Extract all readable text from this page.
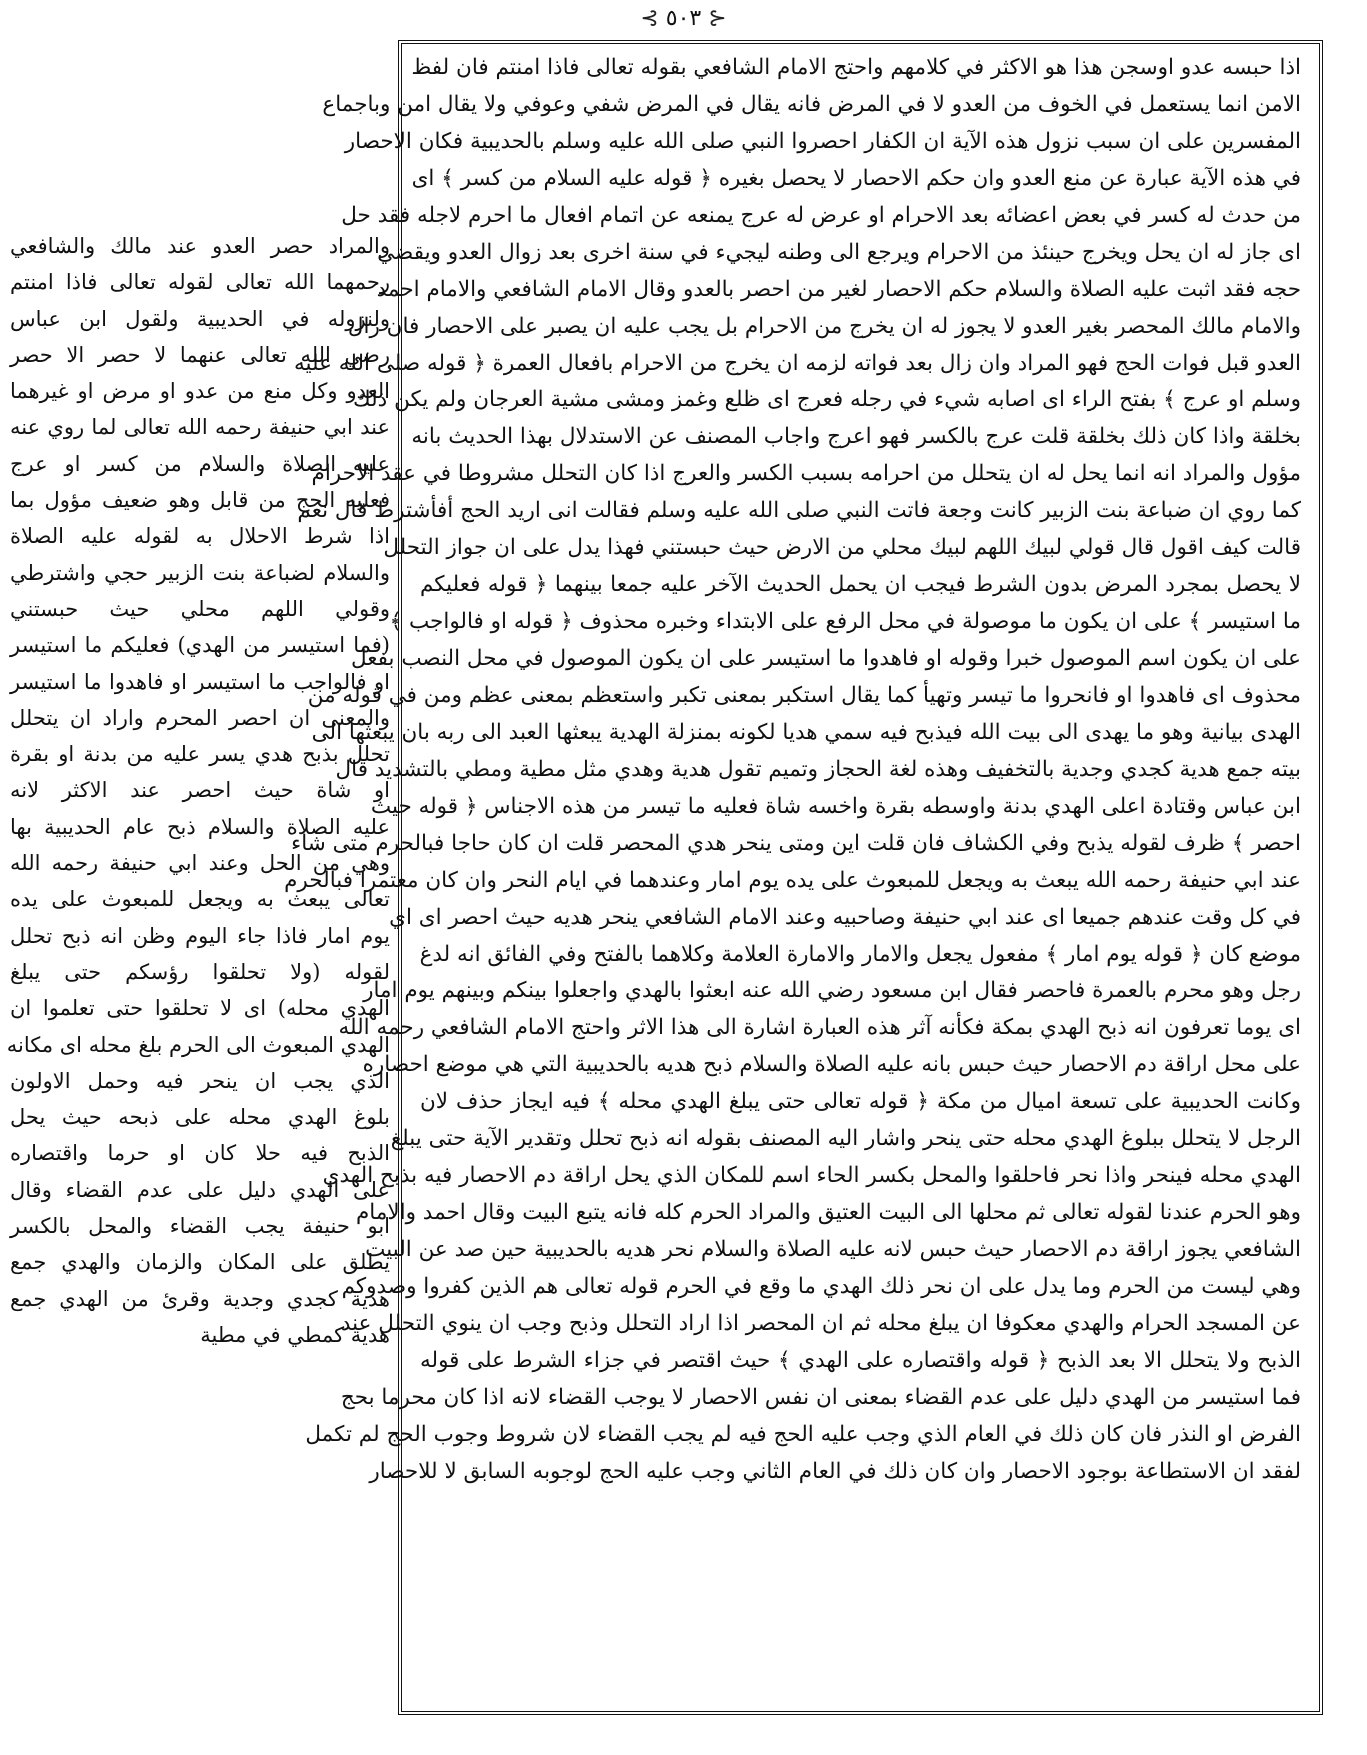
⊰ ٥٠٣ ⊱
اذا حبسه عدو اوسجن هذا هو الاكثر في كلامهم واحتج الامام الشافعي بقوله تعالى فاذا امنتم فان لفظ
الامن انما يستعمل في الخوف من العدو لا في المرض فانه يقال في المرض شفي وعوفي ولا يقال امن وباجماع
المفسرين على ان سبب نزول هذه الآية ان الكفار احصروا النبي صلى الله عليه وسلم بالحديبية فكان الاحصار
في هذه الآية عبارة عن منع العدو وان حكم الاحصار لا يحصل بغيره ﴿ قوله عليه السلام من كسر ﴾ اى
من حدث له كسر في بعض اعضائه بعد الاحرام او عرض له عرج يمنعه عن اتمام افعال ما احرم لاجله فقد حل
اى جاز له ان يحل ويخرج حينئذ من الاحرام ويرجع الى وطنه ليجيء في سنة اخرى بعد زوال العدو ويقضي
حجه فقد اثبت عليه الصلاة والسلام حكم الاحصار لغير من احصر بالعدو وقال الامام الشافعي والامام احمد
والامام مالك المحصر بغير العدو لا يجوز له ان يخرج من الاحرام بل يجب عليه ان يصبر على الاحصار فان زال
العدو قبل فوات الحج فهو المراد وان زال بعد فواته لزمه ان يخرج من الاحرام بافعال العمرة ﴿ قوله صلى الله عليه
وسلم او عرج ﴾ بفتح الراء اى اصابه شيء في رجله فعرج اى ظلع وغمز ومشى مشية العرجان ولم يكن ذلك
بخلقة واذا كان ذلك بخلقة قلت عرج بالكسر فهو اعرج واجاب المصنف عن الاستدلال بهذا الحديث بانه
مؤول والمراد انه انما يحل له ان يتحلل من احرامه بسبب الكسر والعرج اذا كان التحلل مشروطا في عقد الاحرام
كما روي ان ضباعة بنت الزبير كانت وجعة فاتت النبي صلى الله عليه وسلم فقالت انى اريد الحج أفأشترط قال نعم
قالت كيف اقول قال قولي لبيك اللهم لبيك محلي من الارض حيث حبستني فهذا يدل على ان جواز التحلل
لا يحصل بمجرد المرض بدون الشرط فيجب ان يحمل الحديث الآخر عليه جمعا بينهما ﴿ قوله فعليكم
ما استيسر ﴾ على ان يكون ما موصولة في محل الرفع على الابتداء وخبره محذوف ﴿ قوله او فالواجب ﴾
على ان يكون اسم الموصول خبرا وقوله او فاهدوا ما استيسر على ان يكون الموصول في محل النصب بفعل
محذوف اى فاهدوا او فانحروا ما تيسر وتهيأ كما يقال استكبر بمعنى تكبر واستعظم بمعنى عظم ومن في قوله من
الهدى بيانية وهو ما يهدى الى بيت الله فيذبح فيه سمي هديا لكونه بمنزلة الهدية يبعثها العبد الى ربه بان يبعثها الى
بيته جمع هدية كجدي وجدية بالتخفيف وهذه لغة الحجاز وتميم تقول هدية وهدي مثل مطية ومطي بالتشديد قال
ابن عباس وقتادة اعلى الهدي بدنة واوسطه بقرة واخسه شاة فعليه ما تيسر من هذه الاجناس ﴿ قوله حيث
احصر ﴾ ظرف لقوله يذبح وفي الكشاف فان قلت اين ومتى ينحر هدي المحصر قلت ان كان حاجا فبالحرم متى شاء
عند ابي حنيفة رحمه الله يبعث به ويجعل للمبعوث على يده يوم امار وعندهما في ايام النحر وان كان معتمرا فبالحرم
في كل وقت عندهم جميعا اى عند ابي حنيفة وصاحبيه وعند الامام الشافعي ينحر هديه حيث احصر اى اي
موضع كان ﴿ قوله يوم امار ﴾ مفعول يجعل والامار والامارة العلامة وكلاهما بالفتح وفي الفائق انه لدغ
رجل وهو محرم بالعمرة فاحصر فقال ابن مسعود رضي الله عنه ابعثوا بالهدي واجعلوا بينكم وبينهم يوم امار
اى يوما تعرفون انه ذبح الهدي بمكة فكأنه آثر هذه العبارة اشارة الى هذا الاثر واحتج الامام الشافعي رحمه الله
على محل اراقة دم الاحصار حيث حبس بانه عليه الصلاة والسلام ذبح هديه بالحديبية التي هي موضع احصاره
وكانت الحديبية على تسعة اميال من مكة ﴿ قوله تعالى حتى يبلغ الهدي محله ﴾ فيه ايجاز حذف لان
الرجل لا يتحلل ببلوغ الهدي محله حتى ينحر واشار اليه المصنف بقوله انه ذبح تحلل وتقدير الآية حتى يبلغ
الهدي محله فينحر واذا نحر فاحلقوا والمحل بكسر الحاء اسم للمكان الذي يحل اراقة دم الاحصار فيه بذبح الهدي
وهو الحرم عندنا لقوله تعالى ثم محلها الى البيت العتيق والمراد الحرم كله فانه يتبع البيت وقال احمد والامام
الشافعي يجوز اراقة دم الاحصار حيث حبس لانه عليه الصلاة والسلام نحر هديه بالحديبية حين صد عن البيت
وهي ليست من الحرم وما يدل على ان نحر ذلك الهدي ما وقع في الحرم قوله تعالى هم الذين كفروا وصدوكم
عن المسجد الحرام والهدي معكوفا ان يبلغ محله ثم ان المحصر اذا اراد التحلل وذبح وجب ان ينوي التحلل عند
الذبح ولا يتحلل الا بعد الذبح ﴿ قوله واقتصاره على الهدي ﴾ حيث اقتصر في جزاء الشرط على قوله
فما استيسر من الهدي دليل على عدم القضاء بمعنى ان نفس الاحصار لا يوجب القضاء لانه اذا كان محرما بحج
الفرض او النذر فان كان ذلك في العام الذي وجب عليه الحج فيه لم يجب القضاء لان شروط وجوب الحج لم تكمل
لفقد ان الاستطاعة بوجود الاحصار وان كان ذلك في العام الثاني وجب عليه الحج لوجوبه السابق لا للاحصار
والمراد حصر العدو عند مالك والشافعي
رحمهما الله تعالى لقوله تعالى فاذا امنتم
ولنزوله في الحديبية ولقول ابن عباس
رضي الله تعالى عنهما لا حصر الا حصر
العدو وكل منع من عدو او مرض او غيرهما
عند ابي حنيفة رحمه الله تعالى لما روي عنه
عليه الصلاة والسلام من كسر او عرج
فعليه الحج من قابل وهو ضعيف مؤول بما
اذا شرط الاحلال به لقوله عليه الصلاة
والسلام لضباعة بنت الزبير حجي واشترطي
وقولي اللهم محلي حيث حبستني
(فما استيسر من الهدي) فعليكم ما استيسر
او فالواجب ما استيسر او فاهدوا ما استيسر
والمعنى ان احصر المحرم واراد ان يتحلل
تحلل بذبح هدي يسر عليه من بدنة او بقرة
او شاة حيث احصر عند الاكثر لانه
عليه الصلاة والسلام ذبح عام الحديبية بها
وهي من الحل وعند ابي حنيفة رحمه الله
تعالى يبعث به ويجعل للمبعوث على يده
يوم امار فاذا جاء اليوم وظن انه ذبح تحلل
لقوله (ولا تحلقوا رؤسكم حتى يبلغ
الهدي محله) اى لا تحلقوا حتى تعلموا ان
الهدي المبعوث الى الحرم بلغ محله اى مكانه
الذي يجب ان ينحر فيه وحمل الاولون
بلوغ الهدي محله على ذبحه حيث يحل
الذبح فيه حلا كان او حرما واقتصاره
على الهدي دليل على عدم القضاء وقال
ابو حنيفة يجب القضاء والمحل بالكسر
يطلق على المكان والزمان والهدي جمع
هدية كجدي وجدية وقرئ من الهدي جمع
هدية كمطي في مطية
